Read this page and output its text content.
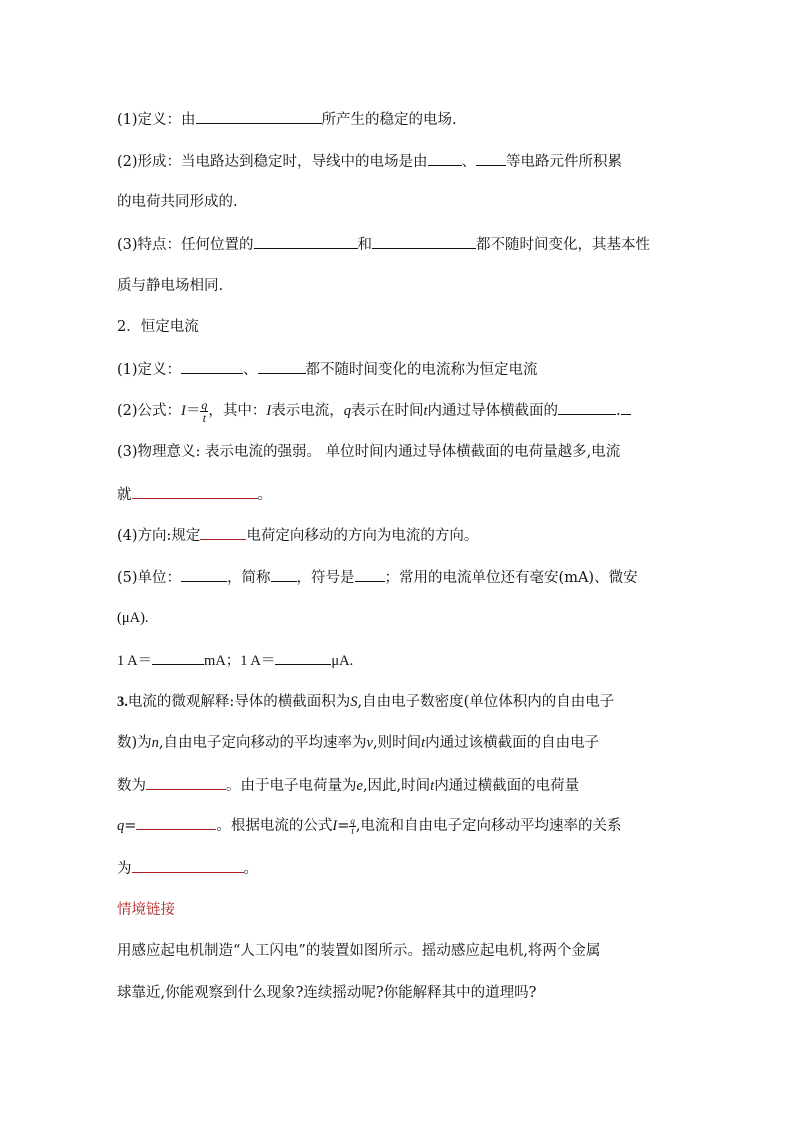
(1)定义：由	所产生的稳定的电场.
(2)形成：当电路达到稳定时，导线中的电场是由 、 等电路元件所积累
的电荷共同形成的.
(3)特点：任何位置的	和	都不随时间变化，其基本性
质与静电场相同.
2．恒定电流
(1)定义：	、	都不随时间变化的电流称为恒定电流
(2)公式：$I= \frac{q}{t}$ ，其中：I表示电流，q表示在时间t内通过导体横截面的	.
(3)物理意义: 表示电流的强弱。 单位时间内通过导体横截面的电荷量越多,电流
就	。
(4)方向:规定	电荷定向移动的方向为电流的方向。
(5)单位：	，简称 ，符号是 ；常用的电流单位还有毫安(mA)、微安
(μA).
1 A＝	mA；1 A＝	μA.
3.电流的微观解释:导体的横截面积为S,自由电子数密度(单位体积内的自由电子
数)为n,自由电子定向移动的平均速率为v,则时间t内通过该横截面的自由电子
数为	。由于电子电荷量为e,因此,时间t内通过横截面的电荷量
q=	。根据电流的公式$I= \frac{q}{t}$ ,电流和自由电子定向移动平均速率的关系
为	。
情境链接
用感应起电机制造“人工闪电”的装置如图所示。摇动感应起电机,将两个金属
球靠近,你能观察到什么现象?连续摇动呢?你能解释其中的道理吗?
